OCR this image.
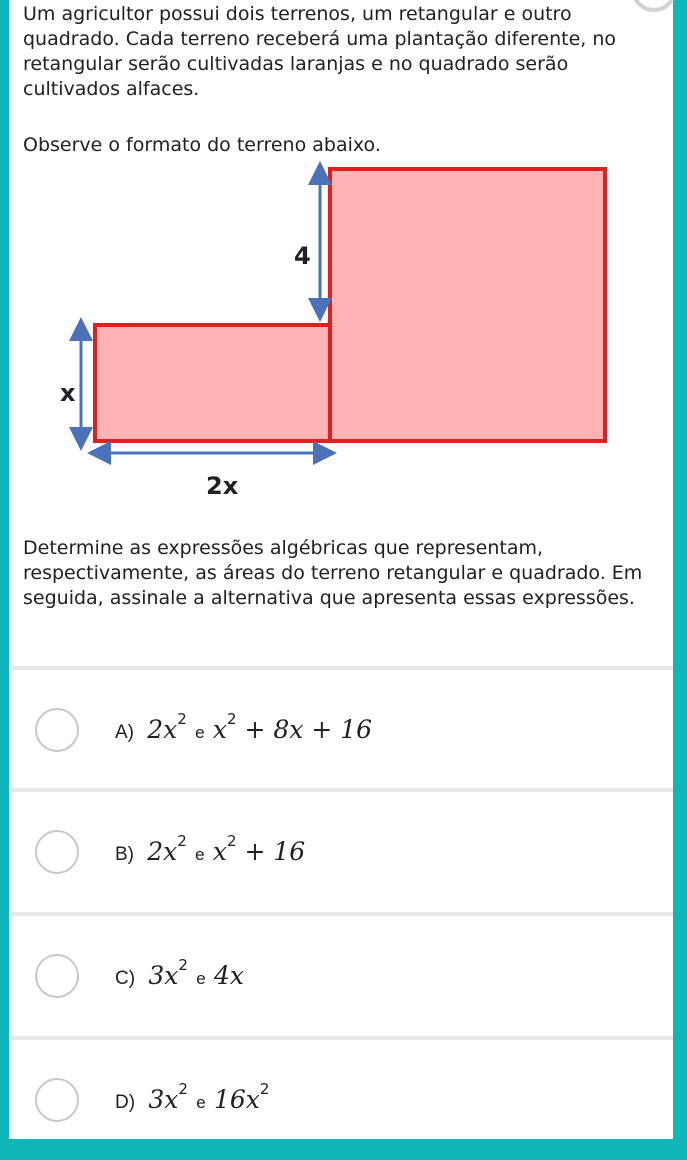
Um agricultor possui dois terrenos, um retangular e outro quadrado. Cada terreno receberá uma plantação diferente, no retangular serão cultivadas laranjas e no quadrado serão cultivados alfaces.

Observe o formato do terreno abaixo.

4
x
2x

Determine as expressões algébricas que representam, respectivamente, as áreas do terreno retangular e quadrado. Em seguida, assinale a alternativa que apresenta essas expressões.

A) $2x^2$ e $x^2 + 8x + 16$
B) $2x^2$ e $x^2 + 16$
C) $3x^2$ e 4x
D) $3x^2$ e $16x^2$
